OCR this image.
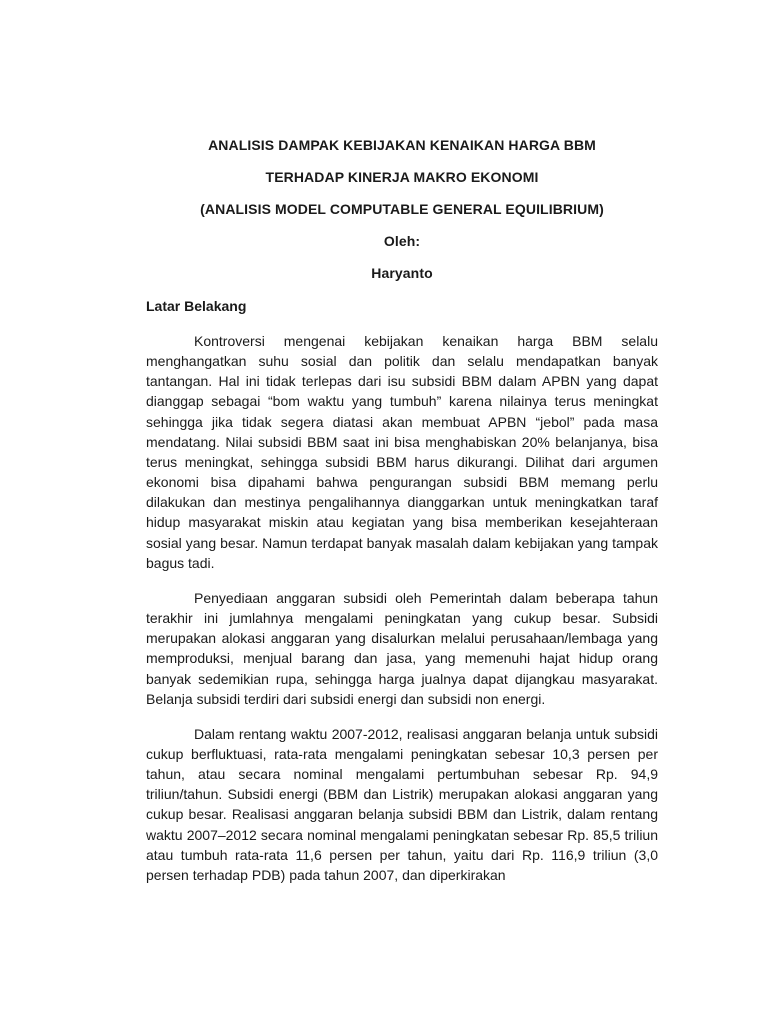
ANALISIS DAMPAK KEBIJAKAN KENAIKAN HARGA BBM
TERHADAP KINERJA MAKRO EKONOMI
(ANALISIS MODEL COMPUTABLE GENERAL EQUILIBRIUM)
Oleh:
Haryanto
Latar Belakang

Kontroversi mengenai kebijakan kenaikan harga BBM selalu menghangatkan suhu sosial dan politik dan selalu mendapatkan banyak tantangan. Hal ini tidak terlepas dari isu subsidi BBM dalam APBN yang dapat dianggap sebagai “bom waktu yang tumbuh” karena nilainya terus meningkat sehingga jika tidak segera diatasi akan membuat APBN “jebol” pada masa mendatang. Nilai subsidi BBM saat ini bisa menghabiskan 20% belanjanya, bisa terus meningkat, sehingga subsidi BBM harus dikurangi. Dilihat dari argumen ekonomi bisa dipahami bahwa pengurangan subsidi BBM memang perlu dilakukan dan mestinya pengalihannya dianggarkan untuk meningkatkan taraf hidup masyarakat miskin atau kegiatan yang bisa memberikan kesejahteraan sosial yang besar. Namun terdapat banyak masalah dalam kebijakan yang tampak bagus tadi.

Penyediaan anggaran subsidi oleh Pemerintah dalam beberapa tahun terakhir ini jumlahnya mengalami peningkatan yang cukup besar. Subsidi merupakan alokasi anggaran yang disalurkan melalui perusahaan/lembaga yang memproduksi, menjual barang dan jasa, yang memenuhi hajat hidup orang banyak sedemikian rupa, sehingga harga jualnya dapat dijangkau masyarakat. Belanja subsidi terdiri dari subsidi energi dan subsidi non energi.

Dalam rentang waktu 2007-2012, realisasi anggaran belanja untuk subsidi cukup berfluktuasi, rata-rata mengalami peningkatan sebesar 10,3 persen per tahun, atau secara nominal mengalami pertumbuhan sebesar Rp. 94,9 triliun/tahun. Subsidi energi (BBM dan Listrik) merupakan alokasi anggaran yang cukup besar. Realisasi anggaran belanja subsidi BBM dan Listrik, dalam rentang waktu 2007–2012 secara nominal mengalami peningkatan sebesar Rp. 85,5 triliun atau tumbuh rata-rata 11,6 persen per tahun, yaitu dari Rp. 116,9 triliun (3,0 persen terhadap PDB) pada tahun 2007, dan diperkirakan
